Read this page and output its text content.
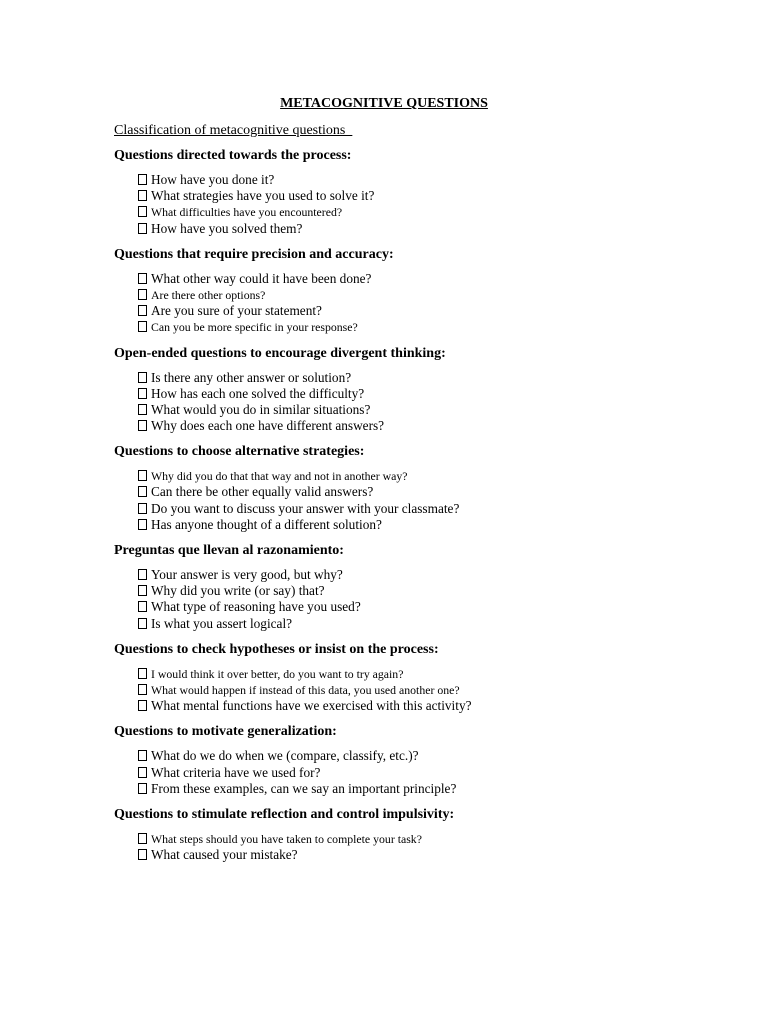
METACOGNITIVE QUESTIONS
Classification of metacognitive questions
Questions directed towards the process:
How have you done it?
What strategies have you used to solve it?
What difficulties have you encountered?
How have you solved them?
Questions that require precision and accuracy:
What other way could it have been done?
Are there other options?
Are you sure of your statement?
Can you be more specific in your response?
Open-ended questions to encourage divergent thinking:
Is there any other answer or solution?
How has each one solved the difficulty?
What would you do in similar situations?
Why does each one have different answers?
Questions to choose alternative strategies:
Why did you do that that way and not in another way?
Can there be other equally valid answers?
Do you want to discuss your answer with your classmate?
Has anyone thought of a different solution?
Preguntas que llevan al razonamiento:
Your answer is very good, but why?
Why did you write (or say) that?
What type of reasoning have you used?
Is what you assert logical?
Questions to check hypotheses or insist on the process:
I would think it over better, do you want to try again?
What would happen if instead of this data, you used another one?
What mental functions have we exercised with this activity?
Questions to motivate generalization:
What do we do when we (compare, classify, etc.)?
What criteria have we used for?
From these examples, can we say an important principle?
Questions to stimulate reflection and control impulsivity:
What steps should you have taken to complete your task?
What caused your mistake?
